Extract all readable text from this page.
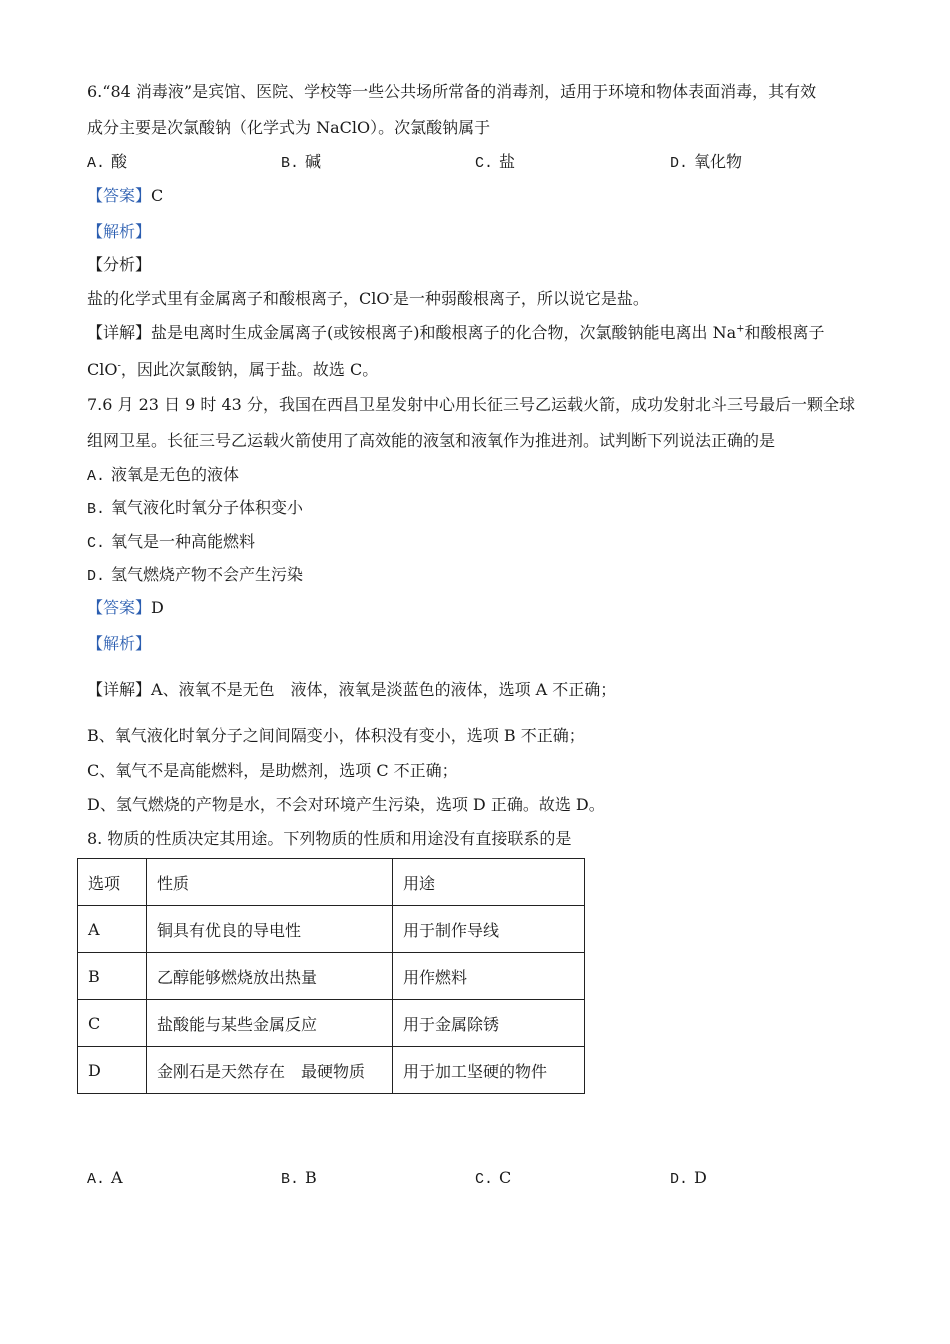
6.“84 消毒液”是宾馆、医院、学校等一些公共场所常备的消毒剂，适用于环境和物体表面消毒，其有效
成分主要是次氯酸钠（化学式为 NaClO）。次氯酸钠属于
A. 酸	B. 碱	C. 盐	D. 氧化物
【答案】C
【解析】
【分析】
盐的化学式里有金属离子和酸根离子，ClO-是一种弱酸根离子，所以说它是盐。
【详解】盐是电离时生成金属离子(或铵根离子)和酸根离子的化合物，次氯酸钠能电离出 Na+和酸根离子
ClO-，因此次氯酸钠，属于盐。故选 C。
7.6 月 23 日 9 时 43 分，我国在西昌卫星发射中心用长征三号乙运载火箭，成功发射北斗三号最后一颗全球
组网卫星。长征三号乙运载火箭使用了高效能的液氢和液氧作为推进剂。试判断下列说法正确的是
A. 液氧是无色的液体
B. 氧气液化时氧分子体积变小
C. 氧气是一种高能燃料
D. 氢气燃烧产物不会产生污染
【答案】D
【解析】
【详解】A、液氧不是无色　液体，液氧是淡蓝色的液体，选项 A 不正确；
B、氧气液化时氧分子之间间隔变小，体积没有变小，选项 B 不正确；
C、氧气不是高能燃料，是助燃剂，选项 C 不正确；
D、氢气燃烧的产物是水，不会对环境产生污染，选项 D 正确。故选 D。
8. 物质的性质决定其用途。下列物质的性质和用途没有直接联系的是
选项	性质	用途
A	铜具有优良的导电性	用于制作导线
B	乙醇能够燃烧放出热量	用作燃料
C	盐酸能与某些金属反应	用于金属除锈
D	金刚石是天然存在　最硬物质	用于加工坚硬的物件
A. A	B. B	C. C	D. D
